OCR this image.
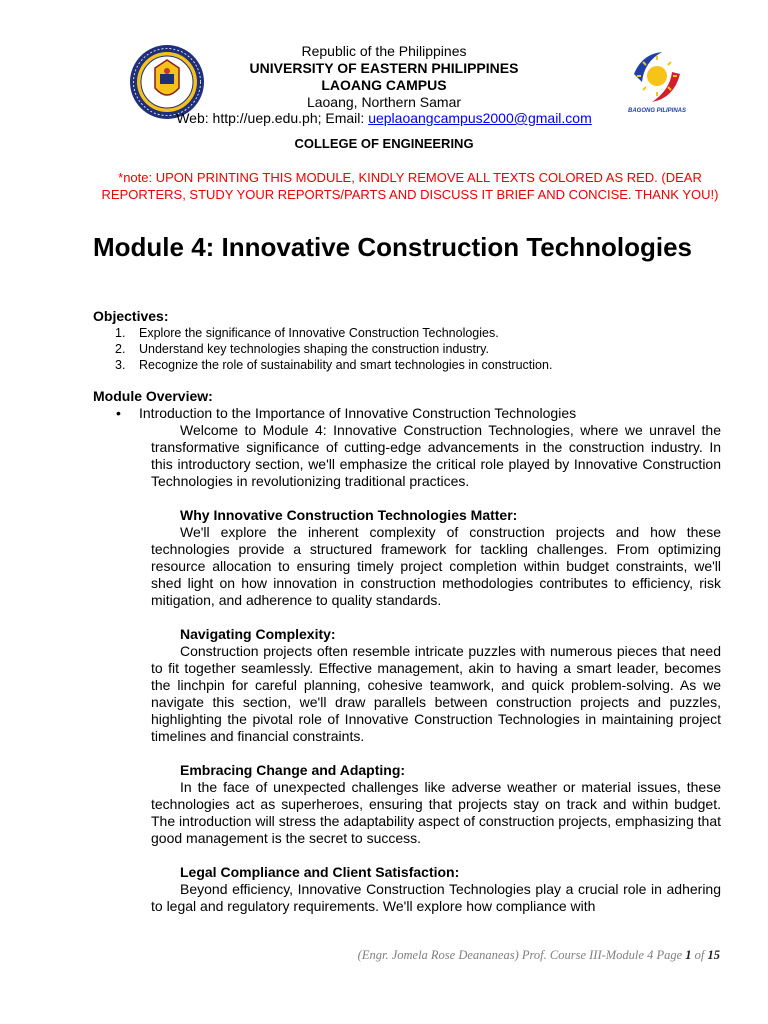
Republic of the Philippines
UNIVERSITY OF EASTERN PHILIPPINES
LAOANG CAMPUS
Laoang, Northern Samar
Web: http://uep.edu.ph; Email: ueplaoangcampus2000@gmail.com	BAGONG PILIPINAS
COLLEGE OF ENGINEERING
*note: UPON PRINTING THIS MODULE, KINDLY REMOVE ALL TEXTS COLORED AS RED. (DEAR REPORTERS, STUDY YOUR REPORTS/PARTS AND DISCUSS IT BRIEF AND CONCISE. THANK YOU!)
Module 4: Innovative Construction Technologies
Objectives:
1.	Explore the significance of Innovative Construction Technologies.
2.	Understand key technologies shaping the construction industry.
3.	Recognize the role of sustainability and smart technologies in construction.
Module Overview:
• Introduction to the Importance of Innovative Construction Technologies

Welcome to Module 4: Innovative Construction Technologies, where we unravel the transformative significance of cutting-edge advancements in the construction industry. In this introductory section, we'll emphasize the critical role played by Innovative Construction Technologies in revolutionizing traditional practices.

Why Innovative Construction Technologies Matter:

We'll explore the inherent complexity of construction projects and how these technologies provide a structured framework for tackling challenges. From optimizing resource allocation to ensuring timely project completion within budget constraints, we'll shed light on how innovation in construction methodologies contributes to efficiency, risk mitigation, and adherence to quality standards.

Navigating Complexity:

Construction projects often resemble intricate puzzles with numerous pieces that need to fit together seamlessly. Effective management, akin to having a smart leader, becomes the linchpin for careful planning, cohesive teamwork, and quick problem-solving. As we navigate this section, we'll draw parallels between construction projects and puzzles, highlighting the pivotal role of Innovative Construction Technologies in maintaining project timelines and financial constraints.

Embracing Change and Adapting:

In the face of unexpected challenges like adverse weather or material issues, these technologies act as superheroes, ensuring that projects stay on track and within budget. The introduction will stress the adaptability aspect of construction projects, emphasizing that good management is the secret to success.

Legal Compliance and Client Satisfaction:

Beyond efficiency, Innovative Construction Technologies play a crucial role in adhering to legal and regulatory requirements. We'll explore how compliance with

(Engr. Jomela Rose Deananeas) Prof. Course III-Module 4 Page 1 of 15
